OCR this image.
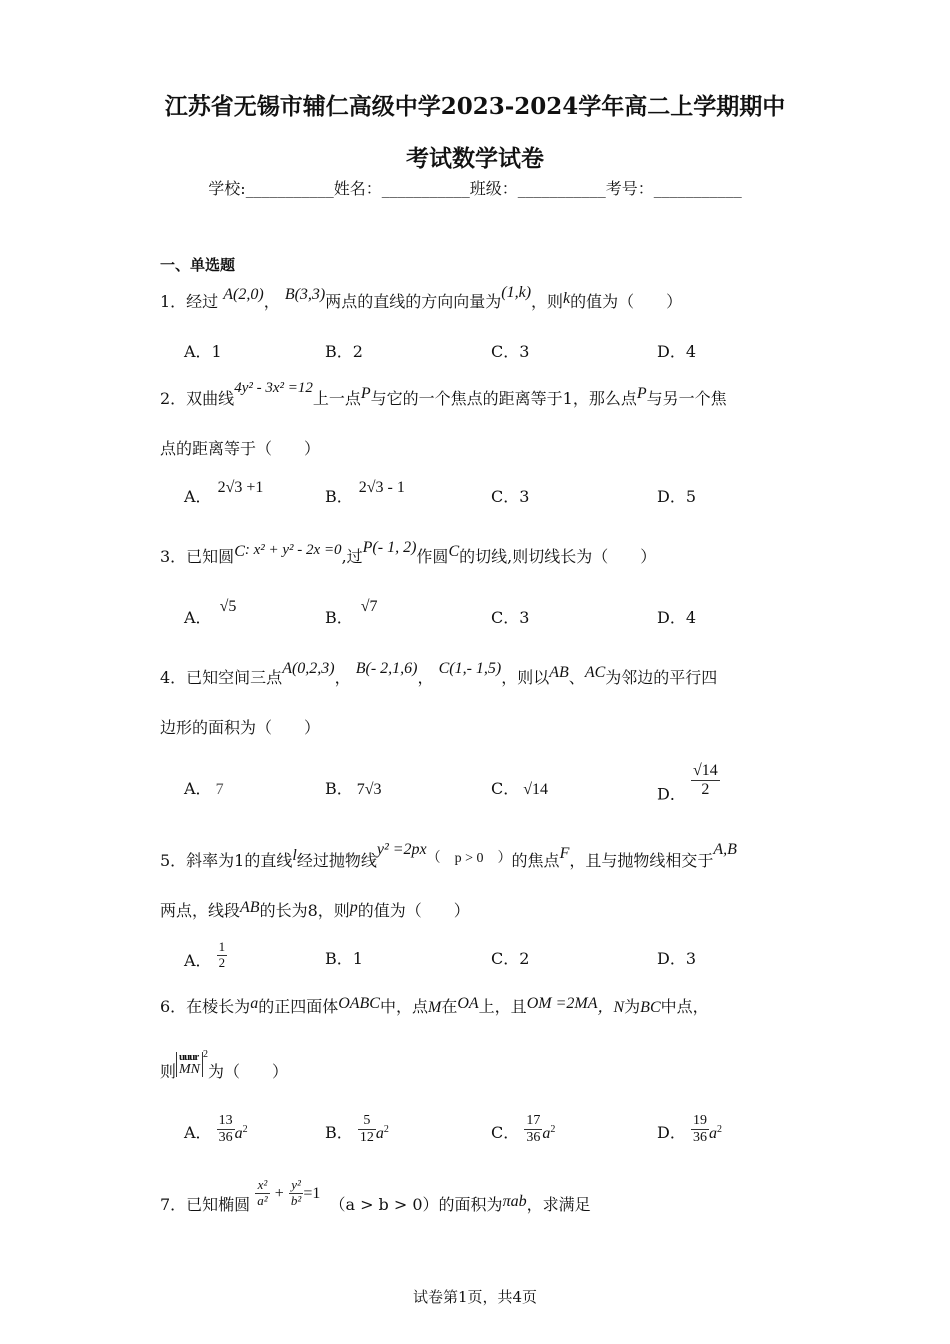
江苏省无锡市辅仁高级中学2023-2024学年高二上学期期中
考试数学试卷
学校:___________姓名：___________班级：___________考号：___________
一、单选题
1．经过 A(2,0)， B(3,3)两点的直线的方向向量为(1,k)，则k的值为（　　）
A．1	B．2	C．3	D．4
2．双曲线4y² - 3x² =12上一点P与它的一个焦点的距离等于1，那么点P与另一个焦
点的距离等于（　　）
A． 2√3 +1	B． 2√3 - 1	C．3	D．5
3．已知圆C: x² + y² - 2x =0,过P(- 1, 2)作圆C的切线,则切线长为（　　）
A．√5
B．√7
C．3	D．4
4．已知空间三点A(0,2,3)， B(- 2,1,6)， C(1,- 1,5)，则以AB、AC为邻边的平行四
边形的面积为（　　）
A． 7	B． 7√3	C． √14	D． $\frac{√14}{2}$
5．斜率为1的直线l经过抛物线y² =2px（　p > 0　）的焦点F，且与抛物线相交于A,B
两点，线段AB的长为8，则p的值为（　　）
A． $\frac{1}{2}$	B．1	C．2	D．3
6．在棱长为a的正四面体OABC中，点M在OA上，且OM =2MA，N为BC中点，
则
uuur
MN
$^2$为（　　）
A． $\frac{13}{36} a^2$	B． $\frac{5}{12} a^2$	C． $\frac{17}{36} a^2$	D． $\frac{19}{36} a^2$
7．已知椭圆 $\frac{\text{x²}}{\text{a²}} + \frac{\text{y²}}{\text{b²}} =1$ （a > b > 0）的面积为πab，求满足
试卷第1页，共4页
